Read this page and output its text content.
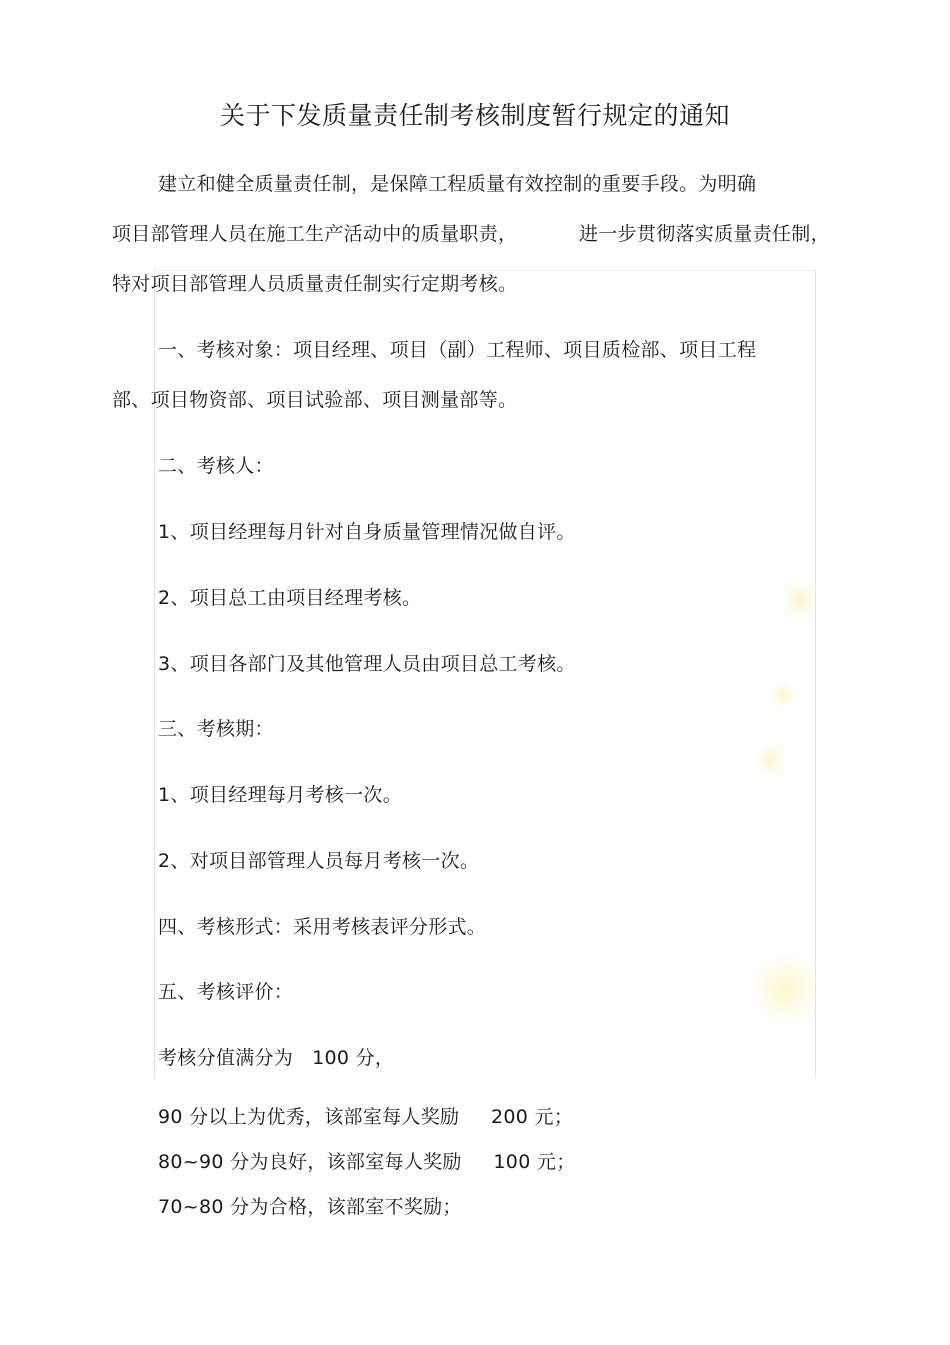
关于下发质量责任制考核制度暂行规定的通知
建立和健全质量责任制，是保障工程质量有效控制的重要手段。为明确
项目部管理人员在施工生产活动中的质量职责，	进一步贯彻落实质量责任制，
特对项目部管理人员质量责任制实行定期考核。
一、考核对象：项目经理、项目（副）工程师、项目质检部、项目工程
部、项目物资部、项目试验部、项目测量部等。
二、考核人：
1、项目经理每月针对自身质量管理情况做自评。
2、项目总工由项目经理考核。
3、项目各部门及其他管理人员由项目总工考核。
三、考核期：
1、项目经理每月考核一次。
2、对项目部管理人员每月考核一次。
四、考核形式：采用考核表评分形式。
五、考核评价：
考核分值满分为   100 分，
90 分以上为优秀，该部室每人奖励     200 元；
80~90 分为良好，该部室每人奖励     100 元；
70~80 分为合格，该部室不奖励；
